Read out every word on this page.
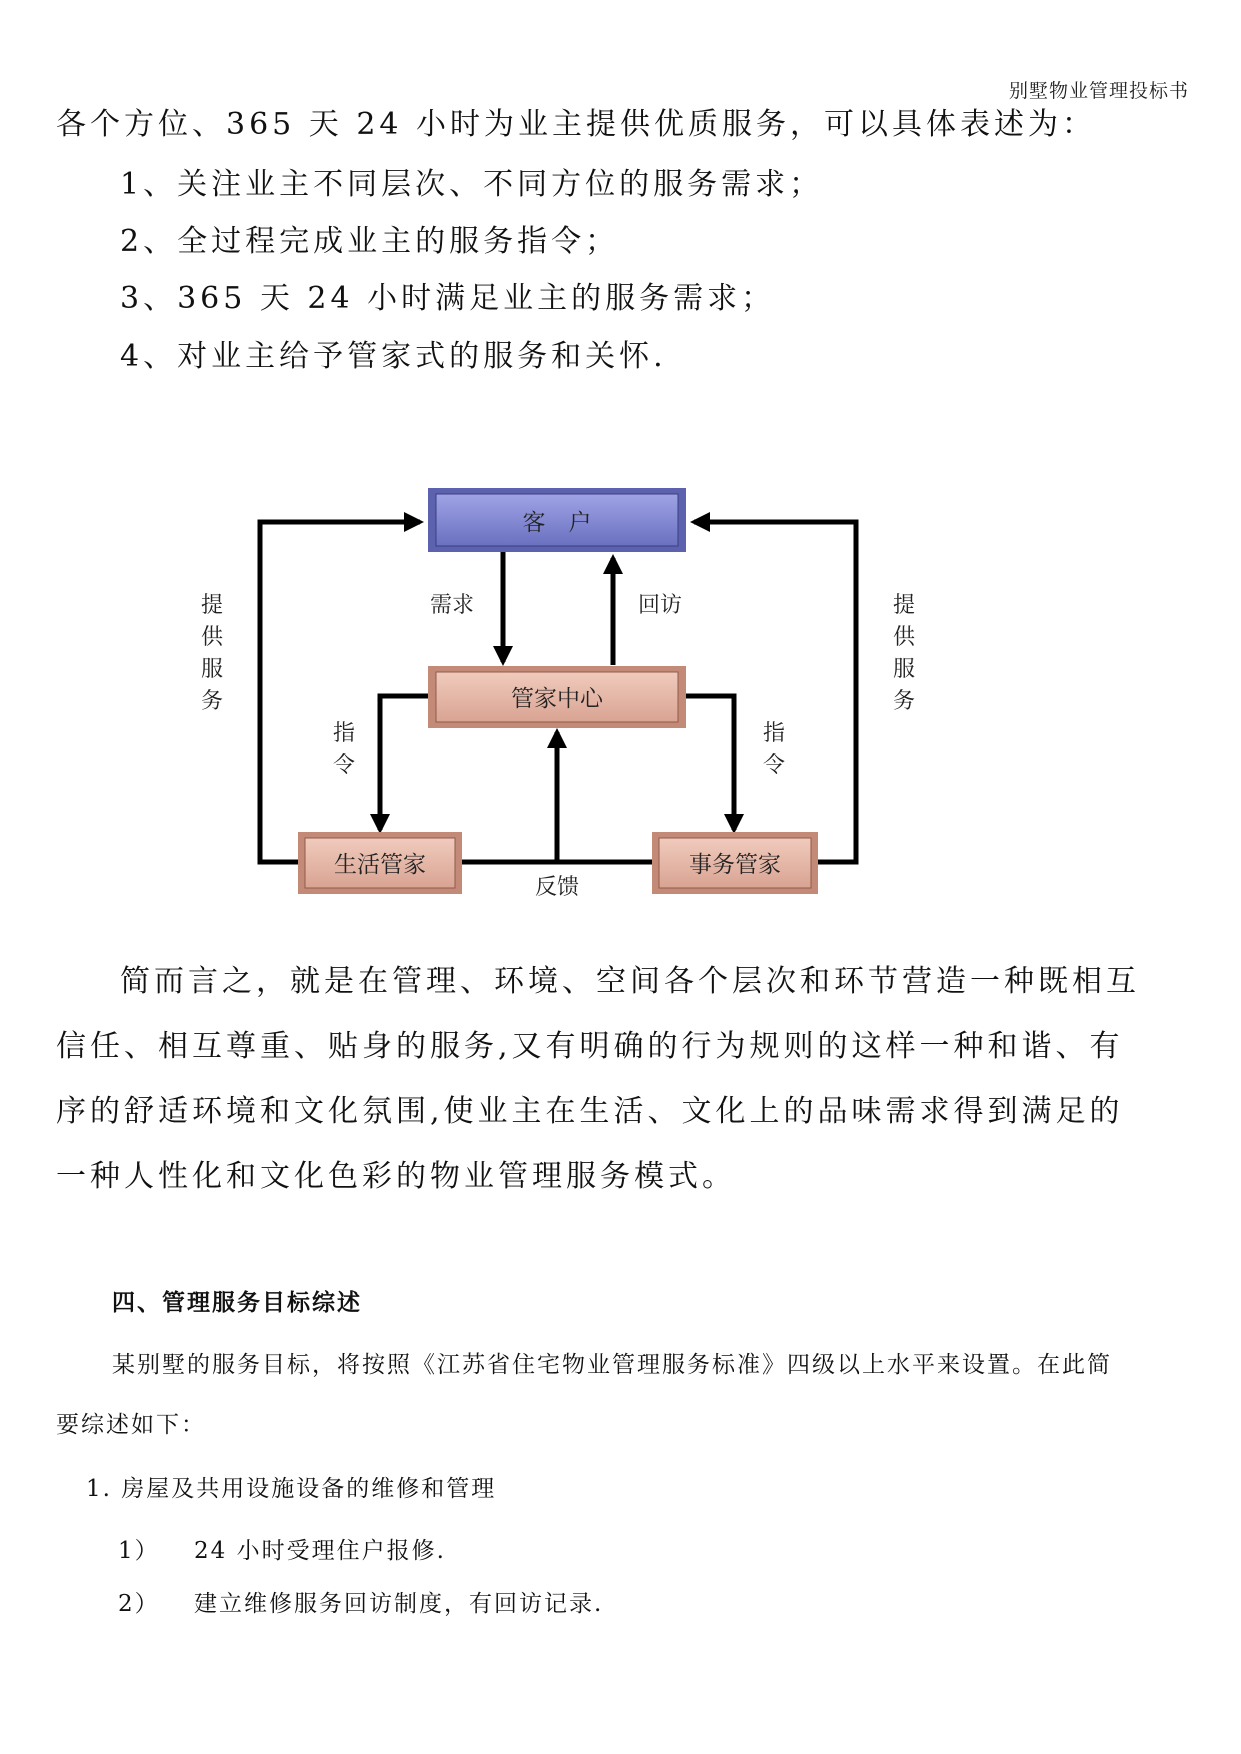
别墅物业管理投标书
各个方位、365 天 24 小时为业主提供优质服务，可以具体表述为：
1、关注业主不同层次、不同方位的服务需求；
2、全过程完成业主的服务指令；
3、365 天 24 小时满足业主的服务需求；
4、对业主给予管家式的服务和关怀.
客　户
管家中心
生活管家	事务管家
需求	回访
反馈
提
供
服
务
提
供
服
务
指
令
指
令
简而言之，就是在管理、环境、空间各个层次和环节营造一种既相互
信任、相互尊重、贴身的服务,又有明确的行为规则的这样一种和谐、有
序的舒适环境和文化氛围,使业主在生活、文化上的品味需求得到满足的
一种人性化和文化色彩的物业管理服务模式。
四、管理服务目标综述
某别墅的服务目标，将按照《江苏省住宅物业管理服务标准》四级以上水平来设置。在此简
要综述如下：
1. 房屋及共用设施设备的维修和管理
1） 24 小时受理住户报修.
2） 建立维修服务回访制度，有回访记录.
